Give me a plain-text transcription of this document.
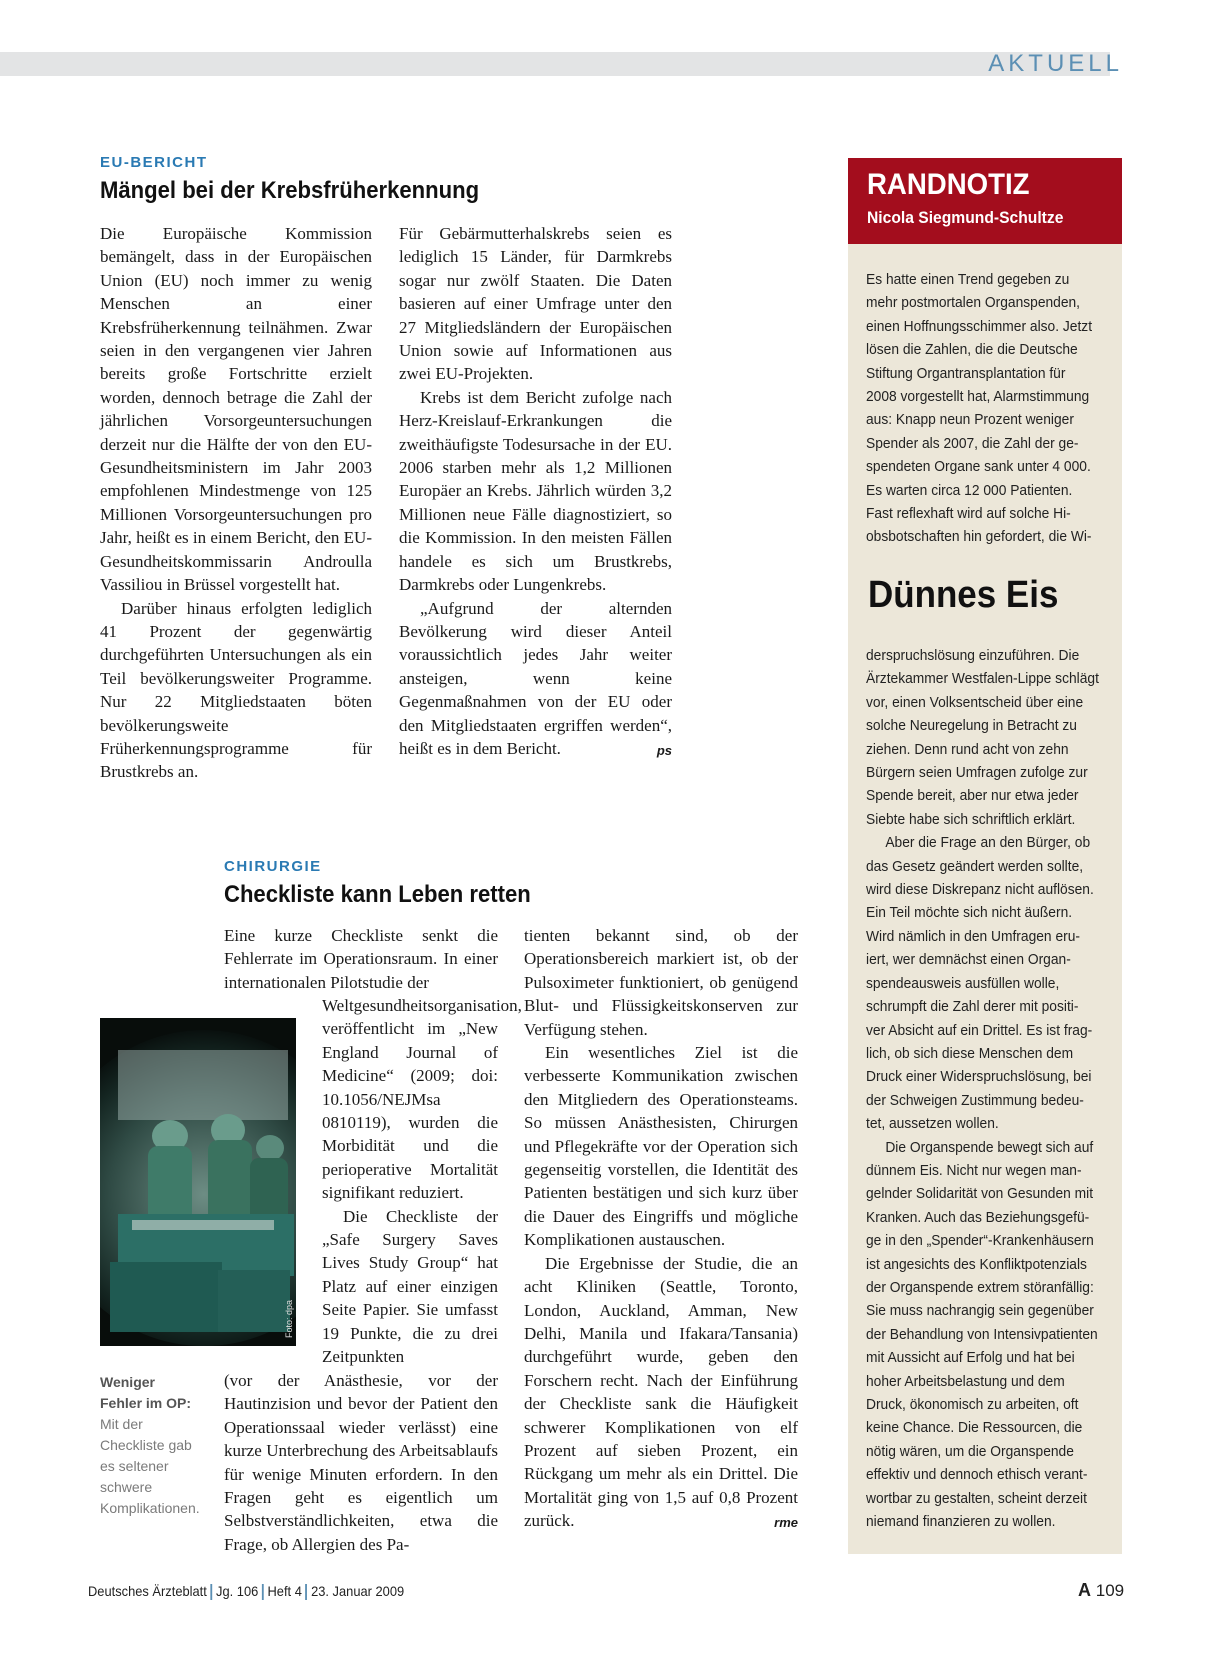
AKTUELL
EU-BERICHT
Mängel bei der Krebsfrüherkennung

Die Europäische Kommission bemängelt, dass in der Europäischen Union (EU) noch immer zu wenig Menschen an einer Krebsfrüherkennung teilnähmen. Zwar seien in den vergangenen vier Jahren bereits große Fortschritte erzielt worden, dennoch betrage die Zahl der jährlichen Vorsorgeuntersuchungen derzeit nur die Hälfte der von den EU-Gesundheitsministern im Jahr 2003 empfohlenen Mindestmenge von 125 Millionen Vorsorgeuntersuchungen pro Jahr, heißt es in einem Bericht, den EU-Gesundheitskommissarin Androulla Vassiliou in Brüssel vorgestellt hat.

Darüber hinaus erfolgten lediglich 41 Prozent der gegenwärtig durchgeführten Untersuchungen als ein Teil bevölkerungsweiter Programme. Nur 22 Mitgliedstaaten böten bevölkerungsweite Früherkennungsprogramme für Brustkrebs an.

Für Gebärmutterhalskrebs seien es lediglich 15 Länder, für Darmkrebs sogar nur zwölf Staaten. Die Daten basieren auf einer Umfrage unter den 27 Mitgliedsländern der Europäischen Union sowie auf Informationen aus zwei EU-Projekten.

Krebs ist dem Bericht zufolge nach Herz-Kreislauf-Erkrankungen die zweithäufigste Todesursache in der EU. 2006 starben mehr als 1,2 Millionen Europäer an Krebs. Jährlich würden 3,2 Millionen neue Fälle diagnostiziert, so die Kommission. In den meisten Fällen handele es sich um Brustkrebs, Darmkrebs oder Lungenkrebs.

„Aufgrund der alternden Bevölkerung wird dieser Anteil voraussichtlich jedes Jahr weiter ansteigen, wenn keine Gegenmaßnahmen von der EU oder den Mitgliedstaaten ergriffen werden“, heißt es in dem Bericht.	ps

CHIRURGIE
Checkliste kann Leben retten

Eine kurze Checkliste senkt die Fehlerrate im Operationsraum. In einer internationalen Pilotstudie der

Weltgesundheitsorganisation, veröffentlicht im „New England Journal of Medicine“ (2009; doi: 10.1056/NEJMsa 0810119), wurden die Morbidität und die perioperative Mortalität signifikant reduziert.

Die Checkliste der „Safe Surgery Saves Lives Study Group“ hat Platz auf einer einzigen Seite Papier. Sie umfasst 19 Punkte, die zu drei Zeitpunkten

(vor der Anästhesie, vor der Hautinzision und bevor der Patient den Operationssaal wieder verlässt) eine kurze Unterbrechung des Arbeitsablaufs für wenige Minuten erfordern. In den Fragen geht es eigentlich um Selbstverständlichkeiten, etwa die Frage, ob Allergien des Pa-

tienten bekannt sind, ob der Operationsbereich markiert ist, ob der Pulsoximeter funktioniert, ob genügend Blut- und Flüssigkeitskonserven zur Verfügung stehen.

Ein wesentliches Ziel ist die verbesserte Kommunikation zwischen den Mitgliedern des Operationsteams. So müssen Anästhesisten, Chirurgen und Pflegekräfte vor der Operation sich gegenseitig vorstellen, die Identität des Patienten bestätigen und sich kurz über die Dauer des Eingriffs und mögliche Komplikationen austauschen.

Die Ergebnisse der Studie, die an acht Kliniken (Seattle, Toronto, London, Auckland, Amman, New Delhi, Manila und Ifakara/Tansania) durchgeführt wurde, geben den Forschern recht. Nach der Einführung der Checkliste sank die Häufigkeit schwerer Komplikationen von elf Prozent auf sieben Prozent, ein Rückgang um mehr als ein Drittel. Die Mortalität ging von 1,5 auf 0,8 Prozent zurück.	rme

Foto: dpa
Weniger Fehler im OP: Mit der Checkliste gab es seltener schwere Komplikationen.
RANDNOTIZ
Nicola Siegmund-Schultze
Es hatte einen Trend gegeben zu
mehr postmortalen Organspenden,
einen Hoffnungsschimmer also. Jetzt
lösen die Zahlen, die die Deutsche
Stiftung Organtransplantation für
2008 vorgestellt hat, Alarmstimmung
aus: Knapp neun Prozent weniger
Spender als 2007, die Zahl der ge-
spendeten Organe sank unter 4 000.
Es warten circa 12 000 Patienten.
Fast reflexhaft wird auf solche Hi-
obsbotschaften hin gefordert, die Wi-
Dünnes Eis
derspruchslösung einzuführen. Die
Ärztekammer Westfalen-Lippe schlägt
vor, einen Volksentscheid über eine
solche Neuregelung in Betracht zu
ziehen. Denn rund acht von zehn
Bürgern seien Umfragen zufolge zur
Spende bereit, aber nur etwa jeder
Siebte habe sich schriftlich erklärt.
Aber die Frage an den Bürger, ob
das Gesetz geändert werden sollte,
wird diese Diskrepanz nicht auflösen.
Ein Teil möchte sich nicht äußern.
Wird nämlich in den Umfragen eru-
iert, wer demnächst einen Organ-
spendeausweis ausfüllen wolle,
schrumpft die Zahl derer mit positi-
ver Absicht auf ein Drittel. Es ist frag-
lich, ob sich diese Menschen dem
Druck einer Widerspruchslösung, bei
der Schweigen Zustimmung bedeu-
tet, aussetzen wollen.
Die Organspende bewegt sich auf
dünnem Eis. Nicht nur wegen man-
gelnder Solidarität von Gesunden mit
Kranken. Auch das Beziehungsgefü-
ge in den „Spender“-Krankenhäusern
ist angesichts des Konfliktpotenzials
der Organspende extrem störanfällig:
Sie muss nachrangig sein gegenüber
der Behandlung von Intensivpatienten
mit Aussicht auf Erfolg und hat bei
hoher Arbeitsbelastung und dem
Druck, ökonomisch zu arbeiten, oft
keine Chance. Die Ressourcen, die
nötig wären, um die Organspende
effektiv und dennoch ethisch verant-
wortbar zu gestalten, scheint derzeit
niemand finanzieren zu wollen.
Deutsches Ärzteblatt Jg. 106 Heft 4 23. Januar 2009	A 109
